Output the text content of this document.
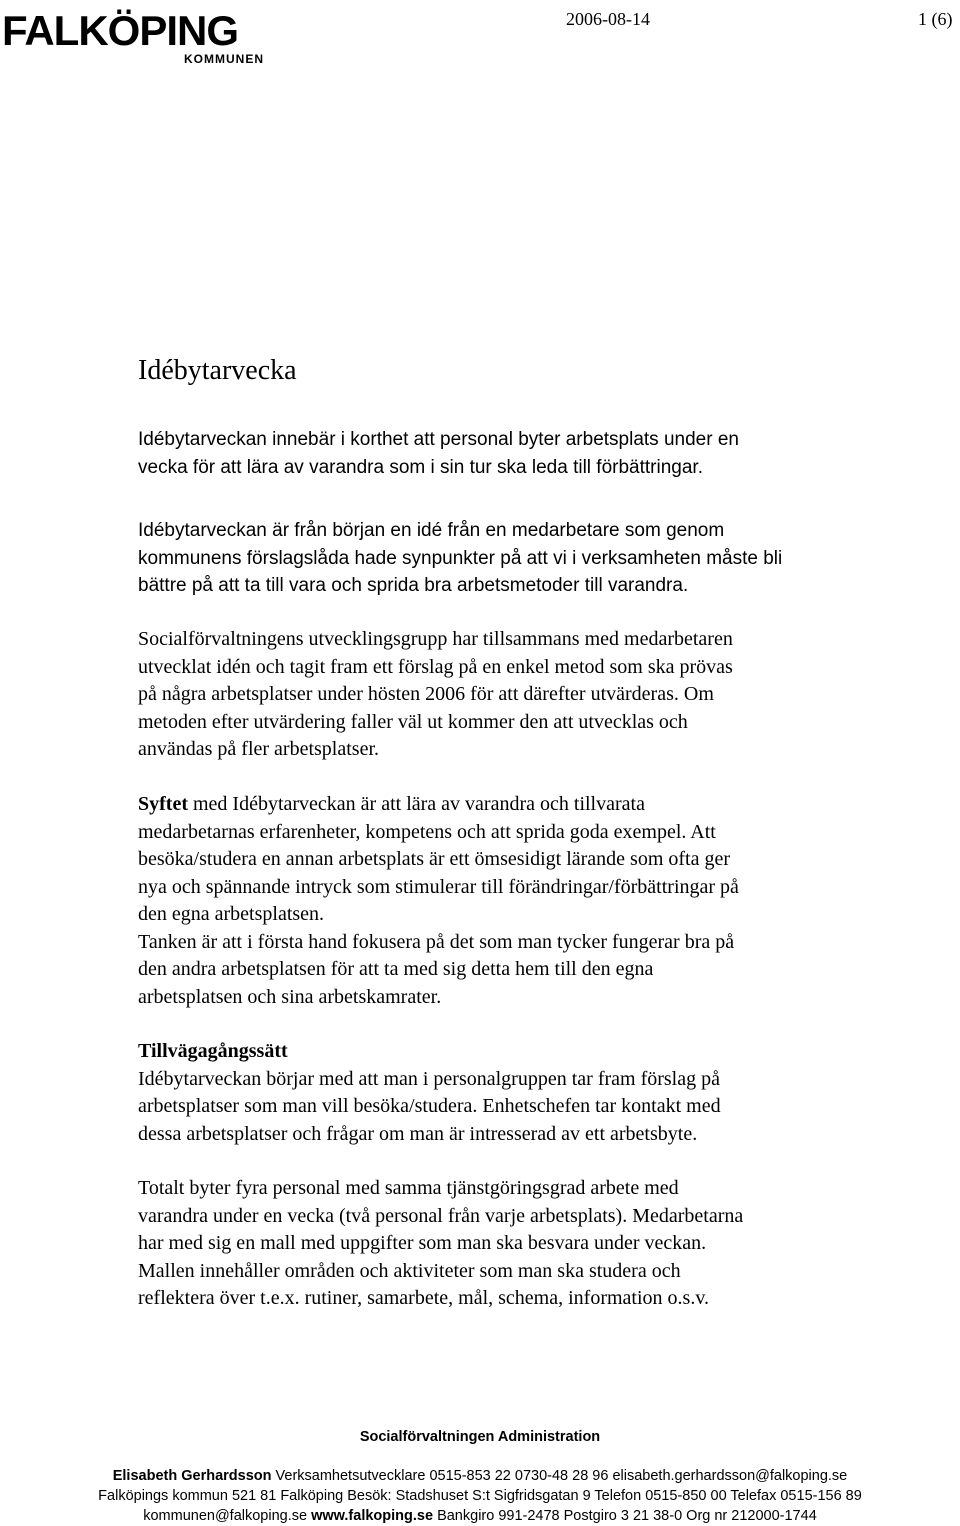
FALKÖPING
KOMMUNEN
2006-08-14	1 (6)
Idébytarvecka

Idébytarveckan innebär i korthet att personal byter arbetsplats under en
vecka för att lära av varandra som i sin tur ska leda till förbättringar.

Idébytarveckan är från början en idé från en medarbetare som genom
kommunens förslagslåda hade synpunkter på att vi i verksamheten måste bli
bättre på att ta till vara och sprida bra arbetsmetoder till varandra.

Socialförvaltningens utvecklingsgrupp har tillsammans med medarbetaren
utvecklat idén och tagit fram ett förslag på en enkel metod som ska prövas
på några arbetsplatser under hösten 2006 för att därefter utvärderas. Om
metoden efter utvärdering faller väl ut kommer den att utvecklas och
användas på fler arbetsplatser.

Syftet med Idébytarveckan är att lära av varandra och tillvarata
medarbetarnas erfarenheter, kompetens och att sprida goda exempel. Att
besöka/studera en annan arbetsplats är ett ömsesidigt lärande som ofta ger
nya och spännande intryck som stimulerar till förändringar/förbättringar på
den egna arbetsplatsen.
Tanken är att i första hand fokusera på det som man tycker fungerar bra på
den andra arbetsplatsen för att ta med sig detta hem till den egna
arbetsplatsen och sina arbetskamrater.

Tillvägagångssätt
Idébytarveckan börjar med att man i personalgruppen tar fram förslag på
arbetsplatser som man vill besöka/studera. Enhetschefen tar kontakt med
dessa arbetsplatser och frågar om man är intresserad av ett arbetsbyte.

Totalt byter fyra personal med samma tjänstgöringsgrad arbete med
varandra under en vecka (två personal från varje arbetsplats). Medarbetarna
har med sig en mall med uppgifter som man ska besvara under veckan.
Mallen innehåller områden och aktiviteter som man ska studera och
reflektera över t.e.x. rutiner, samarbete, mål, schema, information o.s.v.

Socialförvaltningen Administration
Elisabeth Gerhardsson Verksamhetsutvecklare 0515-853 22 0730-48 28 96 elisabeth.gerhardsson@falkoping.se
Falköpings kommun 521 81 Falköping Besök: Stadshuset S:t Sigfridsgatan 9 Telefon 0515-850 00 Telefax 0515-156 89
kommunen@falkoping.se www.falkoping.se Bankgiro 991-2478 Postgiro 3 21 38-0 Org nr 212000-1744
